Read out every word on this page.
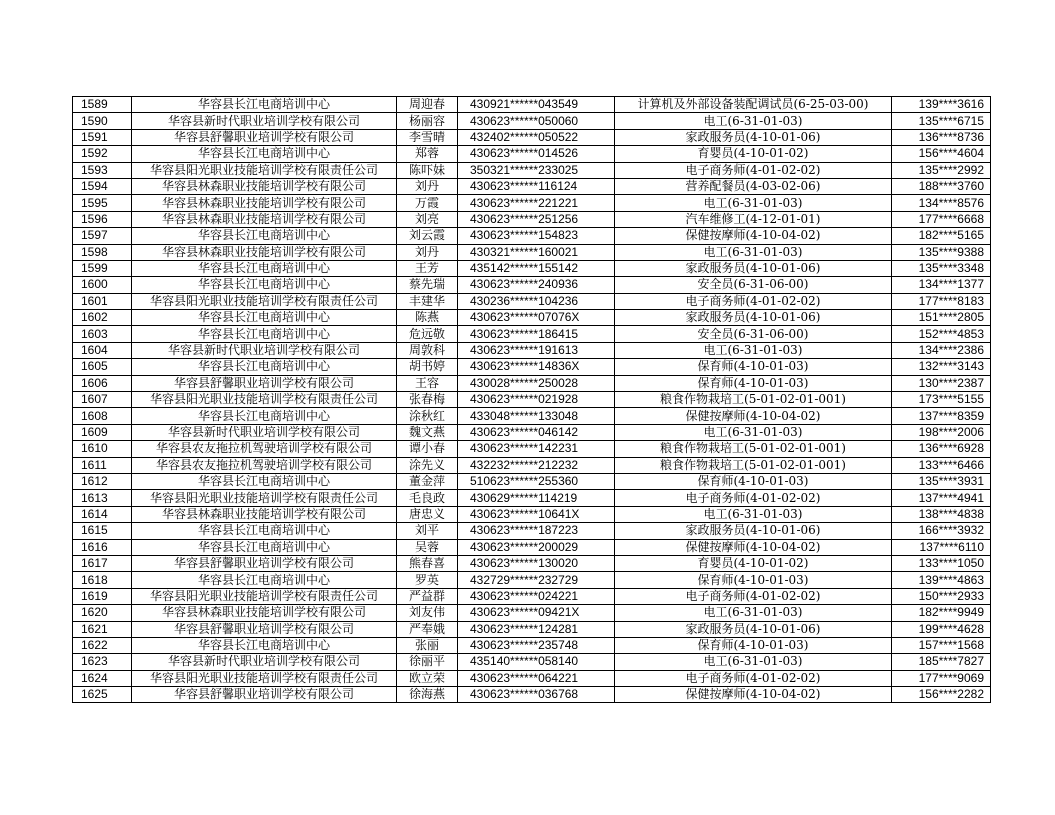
1589	华容县长江电商培训中心	周迎春	430921******043549	计算机及外部设备装配调试员(6-25-03-00)	139****3616
1590	华容县新时代职业培训学校有限公司	杨丽容	430623******050060	电工(6-31-01-03)	135****6715
1591	华容县舒馨职业培训学校有限公司	李雪晴	432402******050522	家政服务员(4-10-01-06)	136****8736
1592	华容县长江电商培训中心	郑蓉	430623******014526	育婴员(4-10-01-02)	156****4604
1593	华容县阳光职业技能培训学校有限责任公司	陈吓妹	350321******233025	电子商务师(4-01-02-02)	135****2992
1594	华容县林森职业技能培训学校有限公司	刘丹	430623******116124	营养配餐员(4-03-02-06)	188****3760
1595	华容县林森职业技能培训学校有限公司	万霞	430623******221221	电工(6-31-01-03)	134****8576
1596	华容县林森职业技能培训学校有限公司	刘亮	430623******251256	汽车维修工(4-12-01-01)	177****6668
1597	华容县长江电商培训中心	刘云霞	430623******154823	保健按摩师(4-10-04-02)	182****5165
1598	华容县林森职业技能培训学校有限公司	刘丹	430321******160021	电工(6-31-01-03)	135****9388
1599	华容县长江电商培训中心	王芳	435142******155142	家政服务员(4-10-01-06)	135****3348
1600	华容县长江电商培训中心	蔡先瑞	430623******240936	安全员(6-31-06-00)	134****1377
1601	华容县阳光职业技能培训学校有限责任公司	丰建华	430236******104236	电子商务师(4-01-02-02)	177****8183
1602	华容县长江电商培训中心	陈燕	430623******07076X	家政服务员(4-10-01-06)	151****2805
1603	华容县长江电商培训中心	危远敬	430623******186415	安全员(6-31-06-00)	152****4853
1604	华容县新时代职业培训学校有限公司	周敦科	430623******191613	电工(6-31-01-03)	134****2386
1605	华容县长江电商培训中心	胡书婷	430623******14836X	保育师(4-10-01-03)	132****3143
1606	华容县舒馨职业培训学校有限公司	王容	430028******250028	保育师(4-10-01-03)	130****2387
1607	华容县阳光职业技能培训学校有限责任公司	张春梅	430623******021928	粮食作物栽培工(5-01-02-01-001)	173****5155
1608	华容县长江电商培训中心	涂秋红	433048******133048	保健按摩师(4-10-04-02)	137****8359
1609	华容县新时代职业培训学校有限公司	魏文燕	430623******046142	电工(6-31-01-03)	198****2006
1610	华容县农友拖拉机驾驶培训学校有限公司	谭小春	430623******142231	粮食作物栽培工(5-01-02-01-001)	136****6928
1611	华容县农友拖拉机驾驶培训学校有限公司	涂先义	432232******212232	粮食作物栽培工(5-01-02-01-001)	133****6466
1612	华容县长江电商培训中心	董金萍	510623******255360	保育师(4-10-01-03)	135****3931
1613	华容县阳光职业技能培训学校有限责任公司	毛良政	430629******114219	电子商务师(4-01-02-02)	137****4941
1614	华容县林森职业技能培训学校有限公司	唐忠义	430623******10641X	电工(6-31-01-03)	138****4838
1615	华容县长江电商培训中心	刘平	430623******187223	家政服务员(4-10-01-06)	166****3932
1616	华容县长江电商培训中心	吴蓉	430623******200029	保健按摩师(4-10-04-02)	137****6110
1617	华容县舒馨职业培训学校有限公司	熊春喜	430623******130020	育婴员(4-10-01-02)	133****1050
1618	华容县长江电商培训中心	罗英	432729******232729	保育师(4-10-01-03)	139****4863
1619	华容县阳光职业技能培训学校有限责任公司	严益群	430623******024221	电子商务师(4-01-02-02)	150****2933
1620	华容县林森职业技能培训学校有限公司	刘友伟	430623******09421X	电工(6-31-01-03)	182****9949
1621	华容县舒馨职业培训学校有限公司	严奉娥	430623******124281	家政服务员(4-10-01-06)	199****4628
1622	华容县长江电商培训中心	张丽	430623******235748	保育师(4-10-01-03)	157****1568
1623	华容县新时代职业培训学校有限公司	徐丽平	435140******058140	电工(6-31-01-03)	185****7827
1624	华容县阳光职业技能培训学校有限责任公司	欧立荣	430623******064221	电子商务师(4-01-02-02)	177****9069
1625	华容县舒馨职业培训学校有限公司	徐海燕	430623******036768	保健按摩师(4-10-04-02)	156****2282
